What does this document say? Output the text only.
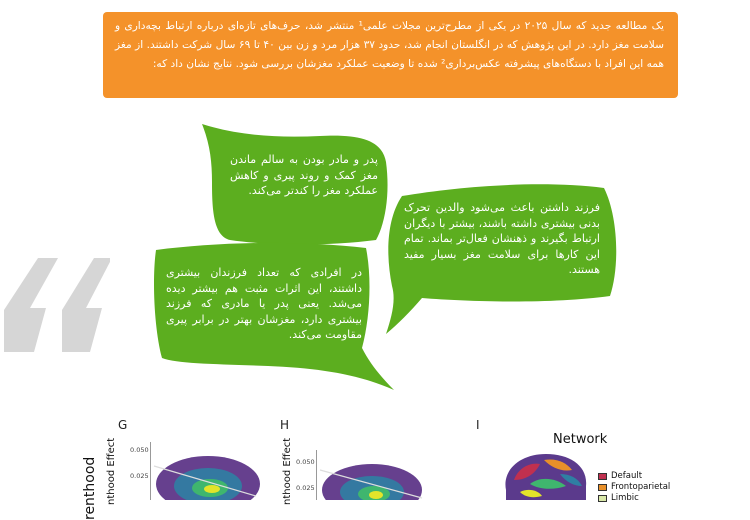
یک مطالعه جدید که سال ۲۰۲۵ در یکی از مطرح‌ترین مجلات علمی¹ منتشر شد، حرف‌های تازه‌ای درباره ارتباط بچه‌داری و سلامت مغز دارد. در این پژوهش که در انگلستان انجام شد، حدود ۳۷ هزار مرد و زن بین ۴۰ تا ۶۹ سال شرکت داشتند. از مغز همه این افراد با دستگاه‌های پیشرفته عکس‌برداری² شده تا وضعیت عملکرد مغزشان بررسی شود. نتایج نشان داد که:
پدر و مادر بودن به سالم ماندن مغز کمک و روند پیری و کاهش عملکرد مغز را کندتر می‌کند.
فرزند داشتن باعث می‌شود والدین تحرک بدنی بیشتری داشته باشند، بیشتر با دیگران ارتباط بگیرند و ذهنشان فعال‌تر بماند. تمام این کارها برای سلامت مغز بسیار مفید هستند.
در افرادی که تعداد فرزندان بیشتری داشتند، این اثرات مثبت هم بیشتر دیده می‌شد. یعنی پدر یا مادری که فرزند بیشتری دارد، مغزشان بهتر در برابر پیری مقاومت می‌کند.
G	H	I
renthood nthood Effect 0.050
0.025	nthood Effect 0.050
0.025
Network
Default
Frontoparietal
Limbic
